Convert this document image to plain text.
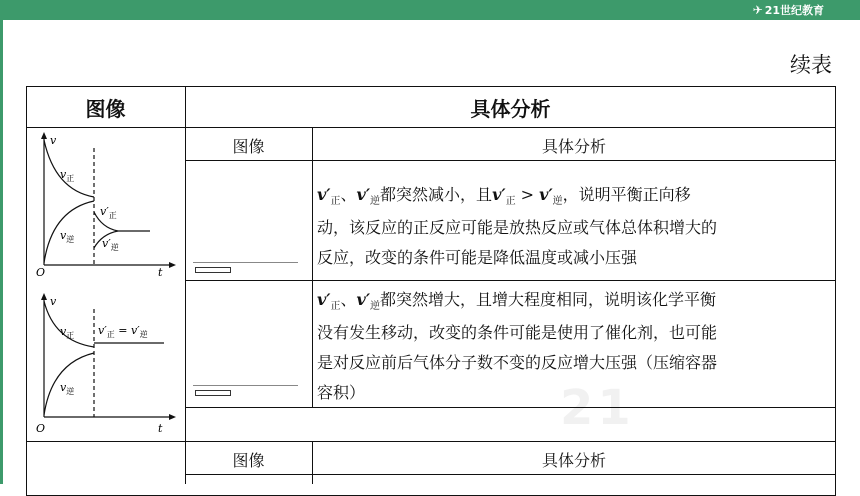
✈ 21世纪教育
续表
图像	具体分析
图像	具体分析
$v'_正$、$v'_逆$都突然减小，且$v'_正 > v'_逆$，说明平衡正向移
动，该反应的正反应可能是放热反应或气体总体积增大的
反应，改变的条件可能是降低温度或减小压强
$v'_正$、$v'_逆$都突然增大，且增大程度相同，说明该化学平衡
没有发生移动，改变的条件可能是使用了催化剂，也可能
是对反应前后气体分子数不变的反应增大压强（压缩容器
容积）
图像	具体分析
v
t
O
$v_正$
$v_逆$
$v'_正$
$v'_逆$
v
t
O
$v_正$
$v_逆$
$v'_正 = v'_逆$
21
